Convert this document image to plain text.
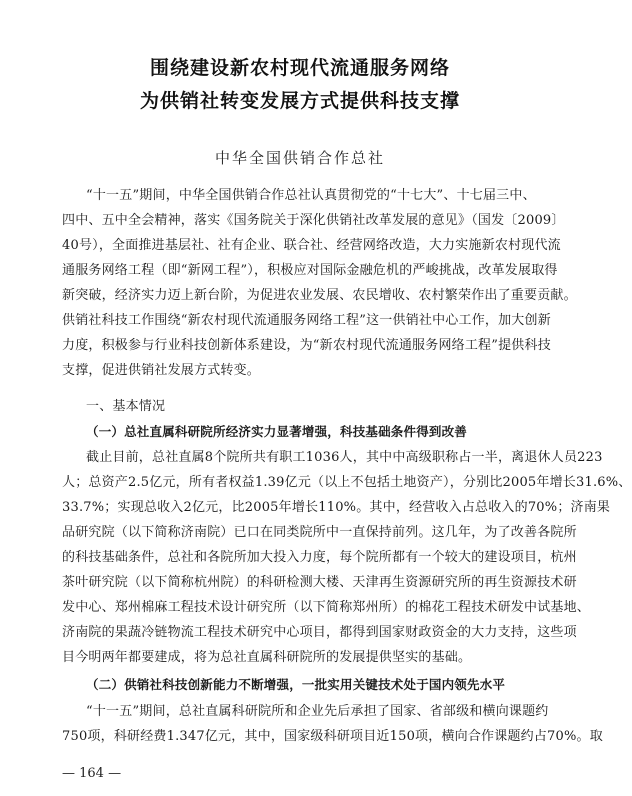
围绕建设新农村现代流通服务网络
为供销社转变发展方式提供科技支撑
中华全国供销合作总社
“十一五”期间，中华全国供销合作总社认真贯彻党的“十七大”、十七届三中、
四中、五中全会精神，落实《国务院关于深化供销社改革发展的意见》（国发〔2009〕
40号），全面推进基层社、社有企业、联合社、经营网络改造，大力实施新农村现代流
通服务网络工程（即“新网工程”），积极应对国际金融危机的严峻挑战，改革发展取得
新突破，经济实力迈上新台阶，为促进农业发展、农民增收、农村繁荣作出了重要贡献。
供销社科技工作围绕“新农村现代流通服务网络工程”这一供销社中心工作，加大创新
力度，积极参与行业科技创新体系建设，为“新农村现代流通服务网络工程”提供科技
支撑，促进供销社发展方式转变。
一、基本情况
（一）总社直属科研院所经济实力显著增强，科技基础条件得到改善
截止目前，总社直属8个院所共有职工1036人，其中中高级职称占一半，离退休人员223
人；总资产2.5亿元，所有者权益1.39亿元（以上不包括土地资产），分别比2005年增长31.6%、
33.7%；实现总收入2亿元，比2005年增长110%。其中，经营收入占总收入的70%；济南果
品研究院（以下简称济南院）已口在同类院所中一直保持前列。这几年，为了改善各院所
的科技基础条件，总社和各院所加大投入力度，每个院所都有一个较大的建设项目，杭州
茶叶研究院（以下简称杭州院）的科研检测大楼、天津再生资源研究所的再生资源技术研
发中心、郑州棉麻工程技术设计研究所（以下简称郑州所）的棉花工程技术研发中试基地、
济南院的果蔬冷链物流工程技术研究中心项目，都得到国家财政资金的大力支持，这些项
目今明两年都要建成，将为总社直属科研院所的发展提供坚实的基础。
（二）供销社科技创新能力不断增强，一批实用关键技术处于国内领先水平
“十一五”期间，总社直属科研院所和企业先后承担了国家、省部级和横向课题约
750项，科研经费1.347亿元，其中，国家级科研项目近150项，横向合作课题约占70%。取
— 164 —
